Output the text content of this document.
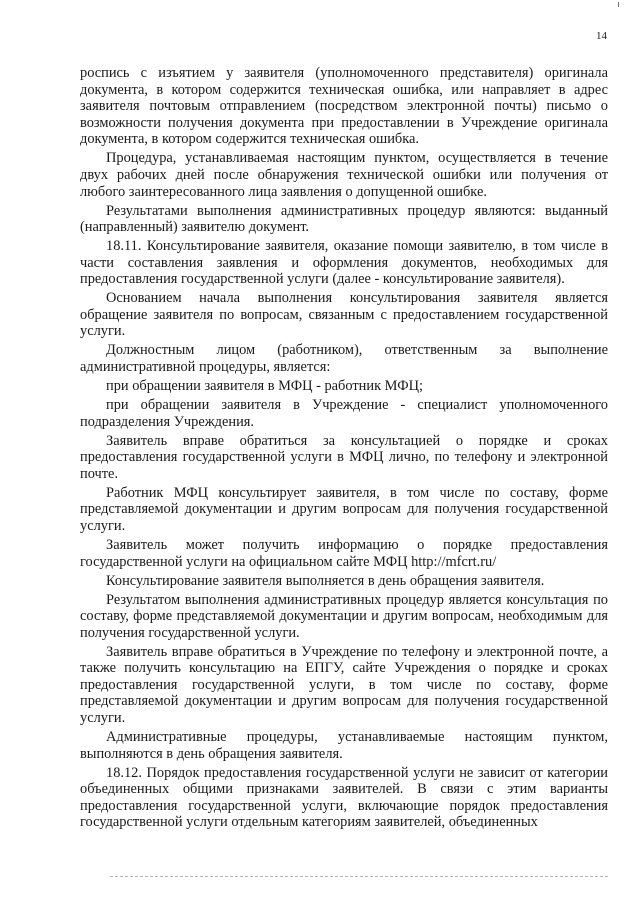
14

роспись с изъятием у заявителя (уполномоченного представителя) оригинала документа, в котором содержится техническая ошибка, или направляет в адрес заявителя почтовым отправлением (посредством электронной почты) письмо о возможности получения документа при предоставлении в Учреждение оригинала документа, в котором содержится техническая ошибка.

Процедура, устанавливаемая настоящим пунктом, осуществляется в течение двух рабочих дней после обнаружения технической ошибки или получения от любого заинтересованного лица заявления о допущенной ошибке.

Результатами выполнения административных процедур являются: выданный (направленный) заявителю документ.

18.11. Консультирование заявителя, оказание помощи заявителю, в том числе в части составления заявления и оформления документов, необходимых для предоставления государственной услуги (далее - консультирование заявителя).

Основанием начала выполнения консультирования заявителя является обращение заявителя по вопросам, связанным с предоставлением государственной услуги.

Должностным лицом (работником), ответственным за выполнение административной процедуры, является:

при обращении заявителя в МФЦ - работник МФЦ;

при обращении заявителя в Учреждение - специалист уполномоченного подразделения Учреждения.

Заявитель вправе обратиться за консультацией о порядке и сроках предоставления государственной услуги в МФЦ лично, по телефону и электронной почте.

Работник МФЦ консультирует заявителя, в том числе по составу, форме представляемой документации и другим вопросам для получения государственной услуги.

Заявитель может получить информацию о порядке предоставления государственной услуги на официальном сайте МФЦ http://mfcrt.ru/

Консультирование заявителя выполняется в день обращения заявителя.

Результатом выполнения административных процедур является консультация по составу, форме представляемой документации и другим вопросам, необходимым для получения государственной услуги.

Заявитель вправе обратиться в Учреждение по телефону и электронной почте, а также получить консультацию на ЕПГУ, сайте Учреждения о порядке и сроках предоставления государственной услуги, в том числе по составу, форме представляемой документации и другим вопросам для получения государственной услуги.

Административные процедуры, устанавливаемые настоящим пунктом, выполняются в день обращения заявителя.

18.12. Порядок предоставления государственной услуги не зависит от категории объединенных общими признаками заявителей. В связи с этим варианты предоставления государственной услуги, включающие порядок предоставления государственной услуги отдельным категориям заявителей, объединенных
